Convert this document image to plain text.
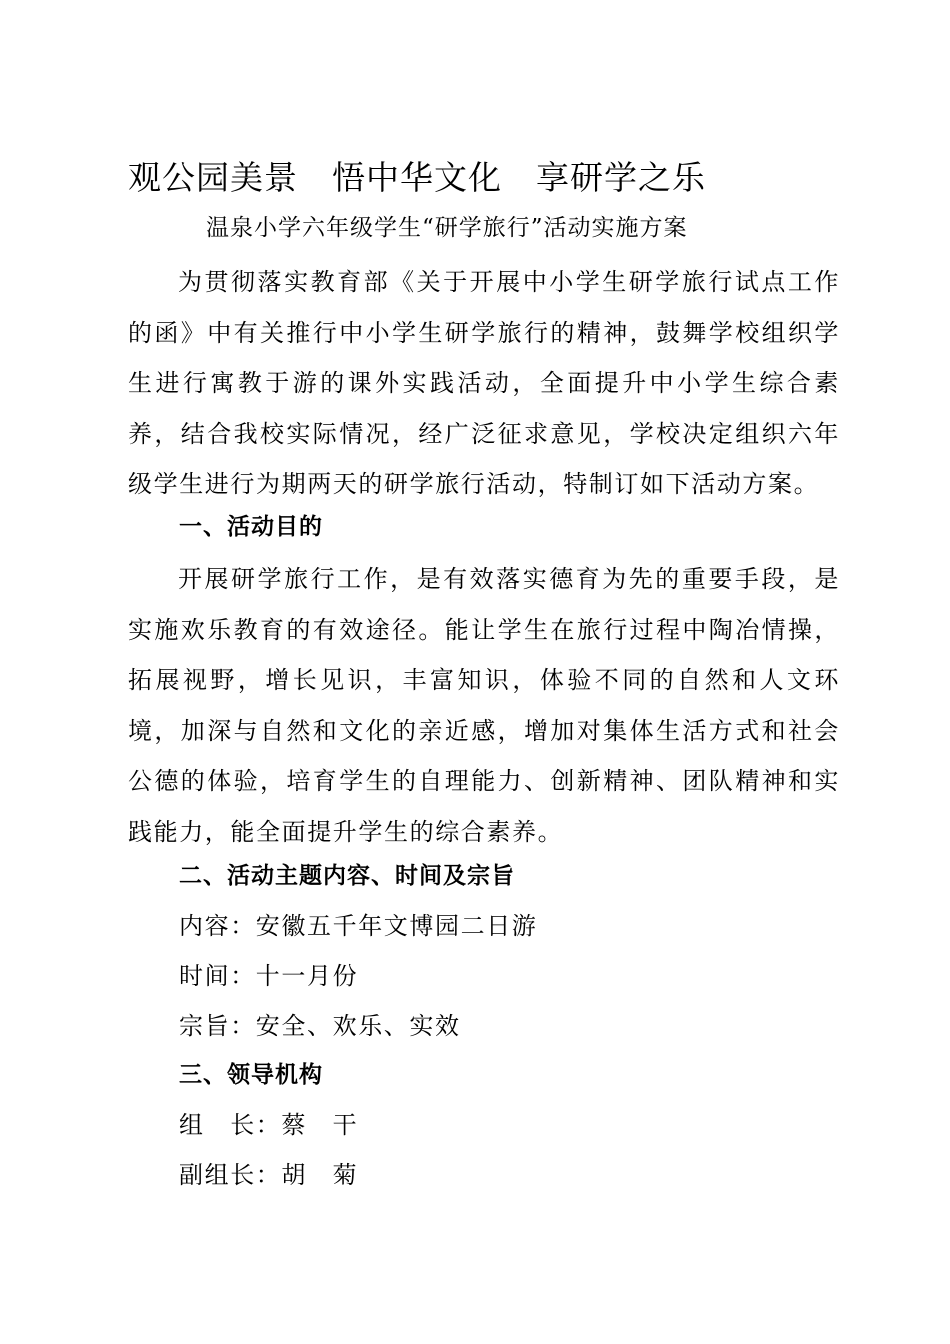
观公园美景　悟中华文化　享研学之乐
温泉小学六年级学生“研学旅行”活动实施方案
为贯彻落实教育部《关于开展中小学生研学旅行试点工作的函》中有关推行中小学生研学旅行的精神，鼓舞学校组织学生进行寓教于游的课外实践活动，全面提升中小学生综合素养，结合我校实际情况，经广泛征求意见，学校决定组织六年级学生进行为期两天的研学旅行活动，特制订如下活动方案。
一、活动目的
开展研学旅行工作，是有效落实德育为先的重要手段，是实施欢乐教育的有效途径。能让学生在旅行过程中陶冶情操，拓展视野，增长见识，丰富知识，体验不同的自然和人文环境，加深与自然和文化的亲近感，增加对集体生活方式和社会公德的体验，培育学生的自理能力、创新精神、团队精神和实践能力，能全面提升学生的综合素养。
二、活动主题内容、时间及宗旨
内容：安徽五千年文博园二日游
时间：十一月份
宗旨：安全、欢乐、实效
三、领导机构
组　长：蔡　干
副组长：胡　菊
